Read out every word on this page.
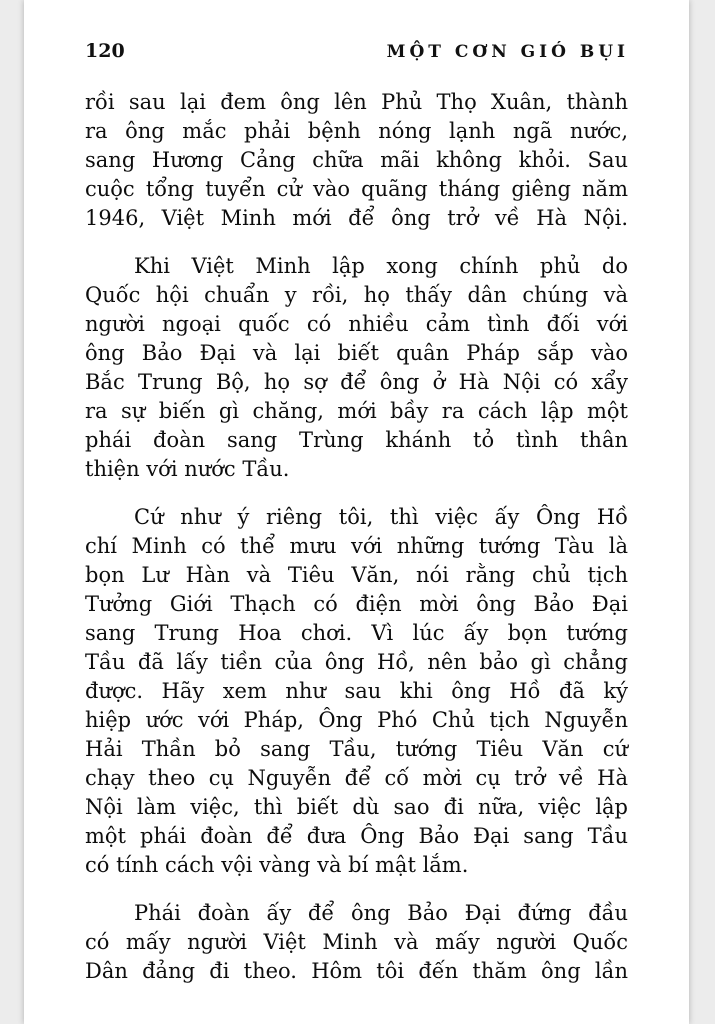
120	MỘT CƠN GIÓ BỤI
rồi sau lại đem ông lên Phủ Thọ Xuân, thành
ra ông mắc phải bệnh nóng lạnh ngã nước,
sang Hương Cảng chữa mãi không khỏi. Sau
cuộc tổng tuyển cử vào quãng tháng giêng năm
1946, Việt Minh mới để ông trở về Hà Nội.
Khi Việt Minh lập xong chính phủ do
Quốc hội chuẩn y rồi, họ thấy dân chúng và
người ngoại quốc có nhiều cảm tình đối với
ông Bảo Đại và lại biết quân Pháp sắp vào
Bắc Trung Bộ, họ sợ để ông ở Hà Nội có xẩy
ra sự biến gì chăng, mới bầy ra cách lập một
phái đoàn sang Trùng khánh tỏ tình thân
thiện với nước Tầu.
Cứ như ý riêng tôi, thì việc ấy Ông Hồ
chí Minh có thể mưu với những tướng Tàu là
bọn Lư Hàn và Tiêu Văn, nói rằng chủ tịch
Tưởng Giới Thạch có điện mời ông Bảo Đại
sang Trung Hoa chơi. Vì lúc ấy bọn tướng
Tầu đã lấy tiền của ông Hồ, nên bảo gì chẳng
được. Hãy xem như sau khi ông Hồ đã ký
hiệp ước với Pháp, Ông Phó Chủ tịch Nguyễn
Hải Thần bỏ sang Tầu, tướng Tiêu Văn cứ
chạy theo cụ Nguyễn để cố mời cụ trở về Hà
Nội làm việc, thì biết dù sao đi nữa, việc lập
một phái đoàn để đưa Ông Bảo Đại sang Tầu
có tính cách vội vàng và bí mật lắm.
Phái đoàn ấy để ông Bảo Đại đứng đầu
có mấy người Việt Minh và mấy người Quốc
Dân đảng đi theo. Hôm tôi đến thăm ông lần
